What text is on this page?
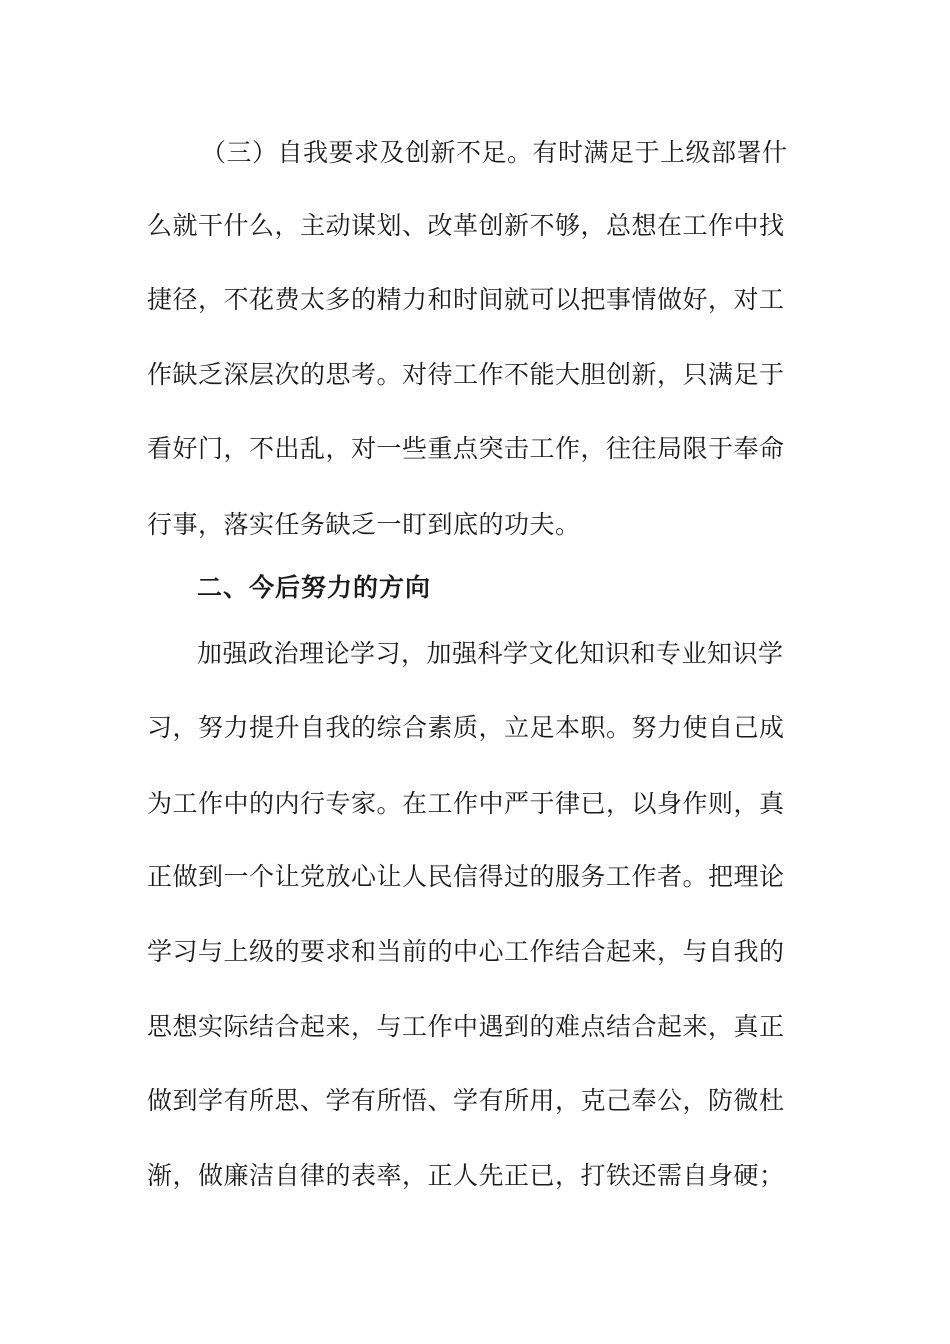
（三）自我要求及创新不足。有时满足于上级部署什
么就干什么，主动谋划、改革创新不够，总想在工作中找
捷径，不花费太多的精力和时间就可以把事情做好，对工
作缺乏深层次的思考。对待工作不能大胆创新，只满足于
看好门，不出乱，对一些重点突击工作，往往局限于奉命
行事，落实任务缺乏一盯到底的功夫。
二、今后努力的方向
加强政治理论学习，加强科学文化知识和专业知识学
习，努力提升自我的综合素质，立足本职。努力使自己成
为工作中的内行专家。在工作中严于律已，以身作则，真
正做到一个让党放心让人民信得过的服务工作者。把理论
学习与上级的要求和当前的中心工作结合起来，与自我的
思想实际结合起来，与工作中遇到的难点结合起来，真正
做到学有所思、学有所悟、学有所用，克己奉公，防微杜
渐，做廉洁自律的表率，正人先正已，打铁还需自身硬；
